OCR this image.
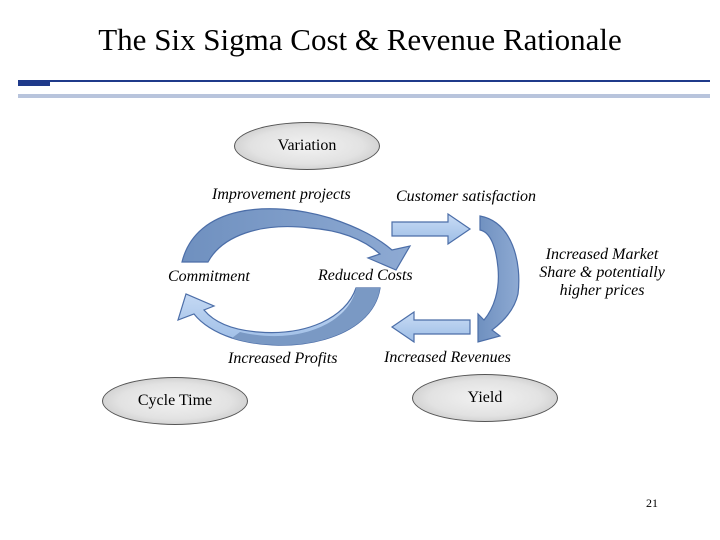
The Six Sigma Cost & Revenue Rationale
Variation
Cycle Time	Yield
Improvement projects	Customer satisfaction
Commitment	Reduced Costs
Increased Market
Share & potentially
higher prices
Increased Profits	Increased Revenues
21
